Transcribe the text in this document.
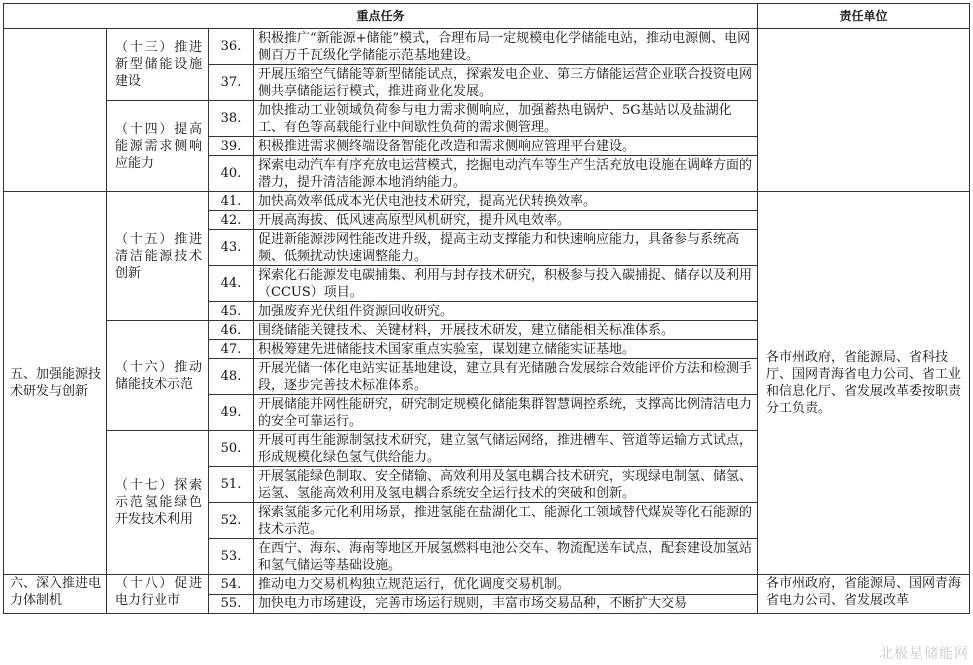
重点任务				责任单位
	（十三）推进新型储能设施建设	36.	积极推广“新能源+储能”模式，合理布局一定规模电化学储能电站，推动电源侧、电网侧百万千瓦级化学储能示范基地建设。	
		37.	开展压缩空气储能等新型储能试点，探索发电企业、第三方储能运营企业联合投资电网侧共享储能运行模式，推进商业化发展。	
	（十四）提高能源需求侧响应能力	38.	加快推动工业领域负荷参与电力需求侧响应，加强蓄热电锅炉、5G基站以及盐湖化工、有色等高载能行业中间歇性负荷的需求侧管理。	
		39.	积极推进需求侧终端设备智能化改造和需求侧响应管理平台建设。	
		40.	探索电动汽车有序充放电运营模式，挖掘电动汽车等生产生活充放电设施在调峰方面的潜力，提升清洁能源本地消纳能力。	
五、加强能源技术研发与创新	（十五）推进清洁能源技术创新	41.	加快高效率低成本光伏电池技术研究，提高光伏转换效率。	各市州政府，省能源局、省科技厅、国网青海省电力公司、省工业和信息化厅、省发展改革委按职责分工负责。
		42.	开展高海拔、低风速高原型风机研究，提升风电效率。	
		43.	促进新能源涉网性能改进升级，提高主动支撑能力和快速响应能力，具备参与系统高频、低频扰动快速调整能力。	
		44.	探索化石能源发电碳捕集、利用与封存技术研究，积极参与投入碳捕捉、储存以及利用（CCUS）项目。	
		45.	加强废弃光伏组件资源回收研究。	
	（十六）推动储能技术示范	46.	围绕储能关键技术、关键材料，开展技术研发，建立储能相关标准体系。	
		47.	积极筹建先进储能技术国家重点实验室，谋划建立储能实证基地。	
		48.	开展光储一体化电站实证基地建设，建立具有光储融合发展综合效能评价方法和检测手段，逐步完善技术标准体系。	
		49.	开展储能并网性能研究，研究制定规模化储能集群智慧调控系统，支撑高比例清洁电力的安全可靠运行。	
	（十七）探索示范氢能绿色开发技术利用	50.	开展可再生能源制氢技术研究，建立氢气储运网络，推进槽车、管道等运输方式试点，形成规模化绿色氢气供给能力。	
		51.	开展氢能绿色制取、安全储输、高效利用及氢电耦合技术研究，实现绿电制氢、储氢、运氢、氢能高效利用及氢电耦合系统安全运行技术的突破和创新。	
		52.	探索氢能多元化利用场景，推进氢能在盐湖化工、能源化工领域替代煤炭等化石能源的技术示范。	
		53.	在西宁、海东、海南等地区开展氢燃料电池公交车、物流配送车试点，配套建设加氢站和氢气储运等基础设施。	

六、深入推进电力体制机	（十八）促进电力行业市	54.	推动电力交易机构独立规范运行，优化调度交易机制。	各市州政府，省能源局、国网青海省电力公司、省发展改革

		55.	加快电力市场建设，完善市场运行规则，丰富市场交易品种，不断扩大交易	
北极星储能网
